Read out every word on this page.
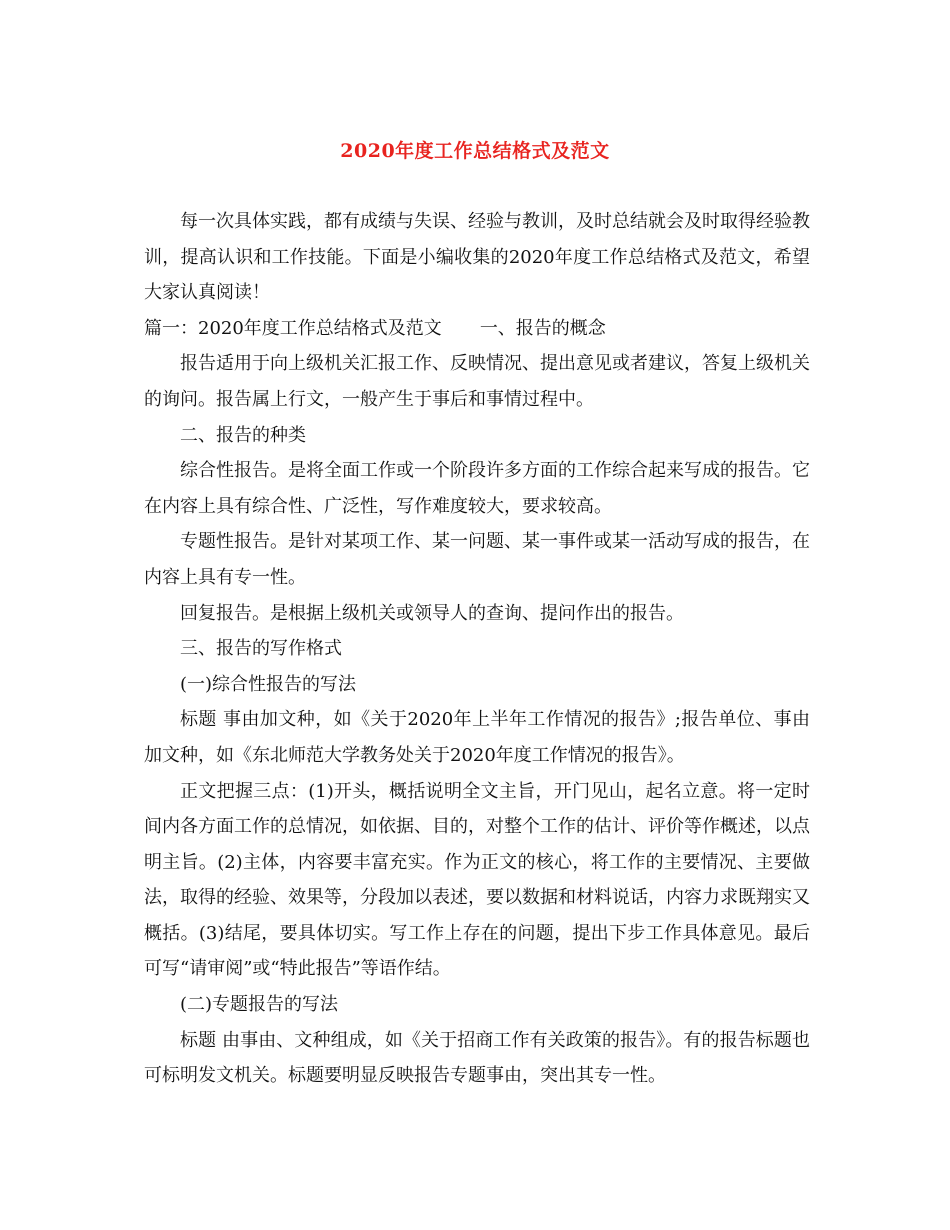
2020年度工作总结格式及范文

每一次具体实践，都有成绩与失误、经验与教训，及时总结就会及时取得经验教训，提高认识和工作技能。下面是小编收集的2020年度工作总结格式及范文，希望大家认真阅读！

篇一：2020年度工作总结格式及范文 一、报告的概念

报告适用于向上级机关汇报工作、反映情况、提出意见或者建议，答复上级机关的询问。报告属上行文，一般产生于事后和事情过程中。

二、报告的种类

综合性报告。是将全面工作或一个阶段许多方面的工作综合起来写成的报告。它在内容上具有综合性、广泛性，写作难度较大，要求较高。

专题性报告。是针对某项工作、某一问题、某一事件或某一活动写成的报告，在内容上具有专一性。

回复报告。是根据上级机关或领导人的查询、提问作出的报告。

三、报告的写作格式

(一)综合性报告的写法

标题 事由加文种，如《关于2020年上半年工作情况的报告》;报告单位、事由加文种，如《东北师范大学教务处关于2020年度工作情况的报告》。

正文把握三点：(1)开头，概括说明全文主旨，开门见山，起名立意。将一定时间内各方面工作的总情况，如依据、目的，对整个工作的估计、评价等作概述，以点明主旨。(2)主体，内容要丰富充实。作为正文的核心，将工作的主要情况、主要做法，取得的经验、效果等，分段加以表述，要以数据和材料说话，内容力求既翔实又概括。(3)结尾，要具体切实。写工作上存在的问题，提出下步工作具体意见。最后可写“请审阅”或“特此报告”等语作结。

(二)专题报告的写法

标题 由事由、文种组成，如《关于招商工作有关政策的报告》。有的报告标题也可标明发文机关。标题要明显反映报告专题事由，突出其专一性。
